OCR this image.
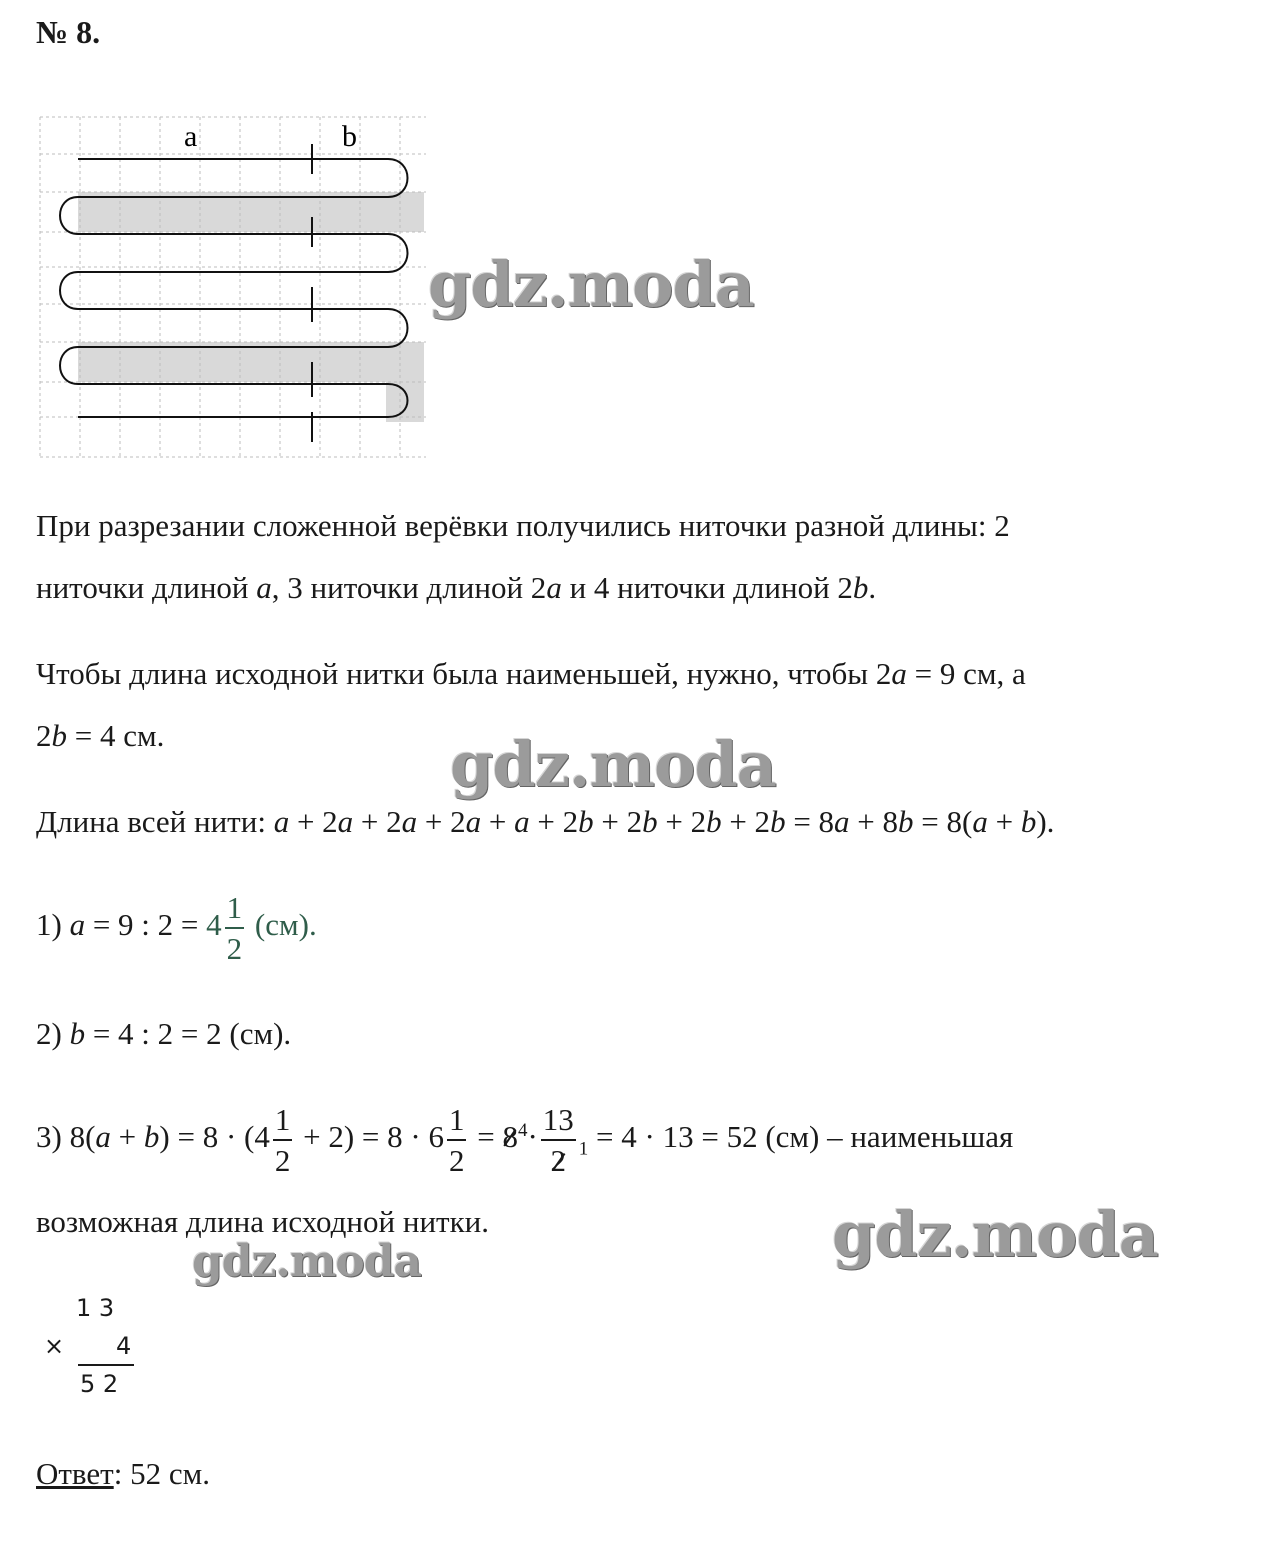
№ 8.
a	b
gdz.moda
При разрезании сложенной верёвки получились ниточки разной длины: 2
ниточки длиной a, 3 ниточки длиной 2a и 4 ниточки длиной 2b.
Чтобы длина исходной нитки была наименьшей, нужно, чтобы 2a = 9 см, а
2b = 4 см.	gdz.moda
Длина всей нити: a + 2a + 2a + 2a + a + 2b + 2b + 2b + 2b = 8a + 8b = 8(a + b).
1) a = 9 : $2 = 4 \frac{1}{2} (см)$.
2) b = 4 : 2 = 2 (см).
3) $8(a + b) = 8 \cdot (4 \frac{1}{2} + 2) = 8 \cdot 6 \frac{1}{2} = 8^4\cdot \frac{13}{2} _1 = 4 \cdot 13 = 52$ (см) – наименьшая
возможная длина исходной нитки.	gdz.moda
gdz.moda
1 3
× 4
5 2
Ответ: 52 см.
